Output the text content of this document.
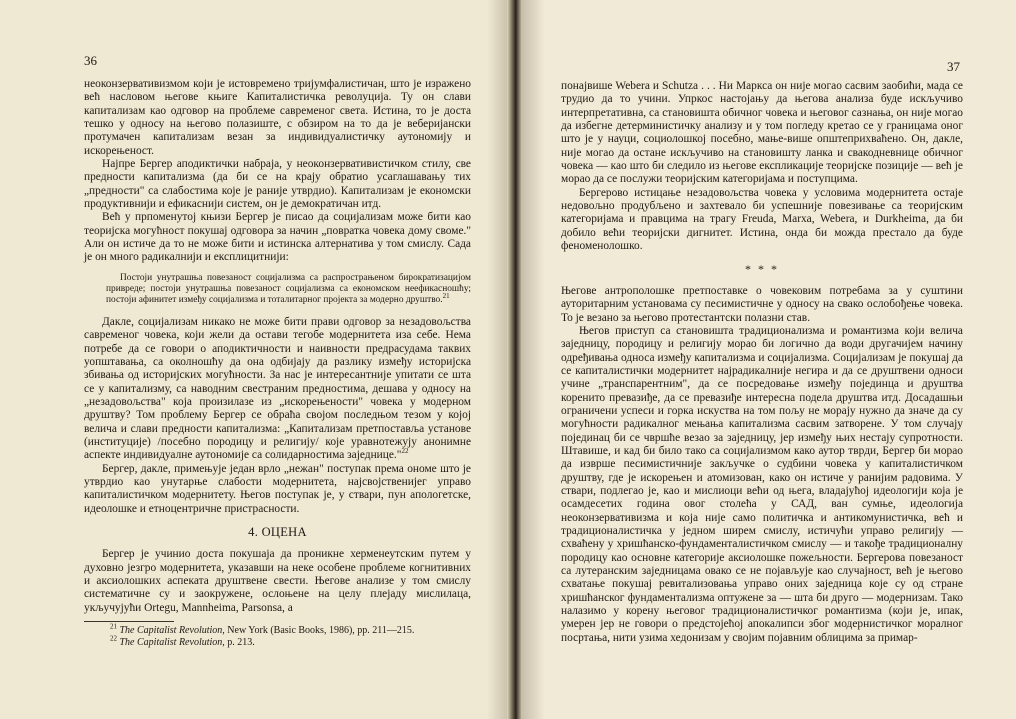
36

неоконзервативизмом који је истовремено тријумфалистичан, што је изражено већ насловом његове књиге Капиталистичка револуција. Ту он слави капитализам као одговор на проблеме савременог света. Истина, то је доста тешко у односу на његово полазиште, с обзиром на то да је веберијански протумачен капитализам везан за индивидуалистичку аутономију и искорењеност.

Најпре Бергер аподиктички набраја, у неоконзервативистичком стилу, све предности капитализма (да би се на крају обратио усаглашавању тих „предности" са слабостима које је раније утврдио). Капитализам је економски продуктивнији и ефикаснији систем, он је демократичан итд.

Већ у прпоменутој књизи Бергер је писао да социјализам може бити као теоријска могућност покушај одговора за начин „повратка човека дому своме." Али он истиче да то не може бити и истинска алтернатива у том смислу. Сада је он много радикалнији и експлицитнији:

Постоји унутрашња повезаност социјализма са распрострањеном бирократизацијом привреде; постоји унутрашња повезаност социјализма са економском неефикасношћу; постоји афинитет између социјализма и тоталитарног пројекта за модерно друштво.$^{21}$

Дакле, социјализам никако не може бити прави одговор за незадовољства савременог човека, који жели да остави тегобе модернитета иза себе. Нема потребе да се говори о аподиктичности и наивности предрасудама таквих уопштавања, са околношћу да она одбијају да разлику између историјска збивања од историјских могућности. За нас је интересантније упитати се шта се у капитализму, са наводним свестраним предностима, дешава у односу на „незадовољства" која произилазе из „искорењености" човека у модерном друштву? Том проблему Бергер се обраћа својом последњом тезом у којој велича и слави предности капитализма: „Капитализам претпоставља установе (институције) /посебно породицу и религију/ које уравнотежују анонимне аспекте индивидуалне аутономије са солидарностима заједнице."$^{22}$

Бергер, дакле, примењује један врло „нежан" поступак према ономе што је утврдио као унутарње слабости модернитета, најсвојственијег управо капиталистичком модернитету. Његов поступак је, у ствари, пун апологетске, идеолошке и етноцентричне пристрасности.

4. ОЦЕНА

Бергер је учинио доста покушаја да проникне херменеутским путем у духовно језгро модернитета, указавши на неке особене проблеме когнитивних и аксиолошких аспеката друштвене свести. Његове анализе у том смислу систематичне су и заокружене, ослоњене на целу плејаду мислилаца, укључујући Ortegu, Mannheima, Parsonsa, a

$^{21}$ The Capitalist Revolution, New York (Basic Books, 1986), pp. 211—215.
$^{22}$ The Capitalist Revolution, p. 213.
37

понајвише Webera и Schutza . . . Ни Маркса он није могао сасвим заобићи, мада се трудио да то учини. Упркос настојању да његова анализа буде искључиво интерпретативна, са становишта обичног човека и његовог сазнања, он није могао да избегне детерминистичку анализу и у том погледу кретао се у границама оног што је у науци, социолошкој посебно, мање-више општеприхваћено. Он, дакле, није могао да остане искључиво на становишту ланка и свакодневнице обичног човека — као што би следило из његове експликације теоријске позиције — већ је морао да се послужи теоријским категоријама и поступцима.

Бергерово истицање незадовољства човека у условима модернитета остаје недовољно продубљено и захтевало би успешније повезивање са теоријским категоријама и правцима на трагу Freuda, Marxa, Webera, и Durkheima, да би добило већи теоријски дигнитет. Истина, онда би можда престало да буде феноменолошко.

* * *

Његове антрополошке претпоставке о човековим потребама за у суштини ауторитарним установама су песимистичне у односу на свако ослобођење човека. То је везано за његово протестантски полазни став.

Његов приступ са становишта традиционализма и романтизма који велича заједницу, породицу и религију морао би логично да води другачијем начину одређивања односа између капитализма и социјализма. Социјализам је покушај да се капиталистички модернитет најрадикалније негира и да се друштвени односи учине „транспарентним", да се посредовање између појединца и друштва коренито превазиђе, да се превазиђе интересна подела друштва итд. Досадашњи ограничени успеси и горка искуства на том пољу не морају нужно да значе да су могућности радикалног мењања капитализма сасвим затворене. У том случају појединац би се чвршће везао за заједницу, јер између њих нестају супротности. Штавише, и кад би било тако са социјализмом како аутор тврди, Бергер би морао да изврше песимистичније закључке о судбини човека у капиталистичком друштву, где је искорењен и атомизован, како он истиче у ранијим радовима. У ствари, подлегао је, као и мислиоци већи од њега, владајућој идеологији која је осамдесетих година овог столећа у САД, ван сумње, идеологија неоконзервативизма и која није само политичка и антикомунистичка, већ и традиционалистичка у једном ширем смислу, истичући управо религију — схваћену у хришћанско-фундаменталистичком смислу — и такође традиционалну породицу као основне категорије аксиолошке пожељности. Бергерова повезаност са лутеранским заједницама овако се не појављује као случајност, већ је његово схватање покушај ревитализовања управо оних заједница које су од стране хришћанског фундаментализма оптужене за — шта би друго — модернизам. Тако налазимо у корену његовог традиционалистичког романтизма (који је, ипак, умерен јер не говори о предстојећој апокалипси због модернистичког моралног посртања, нити узима хедонизам у својим појавним облицима за примар-
